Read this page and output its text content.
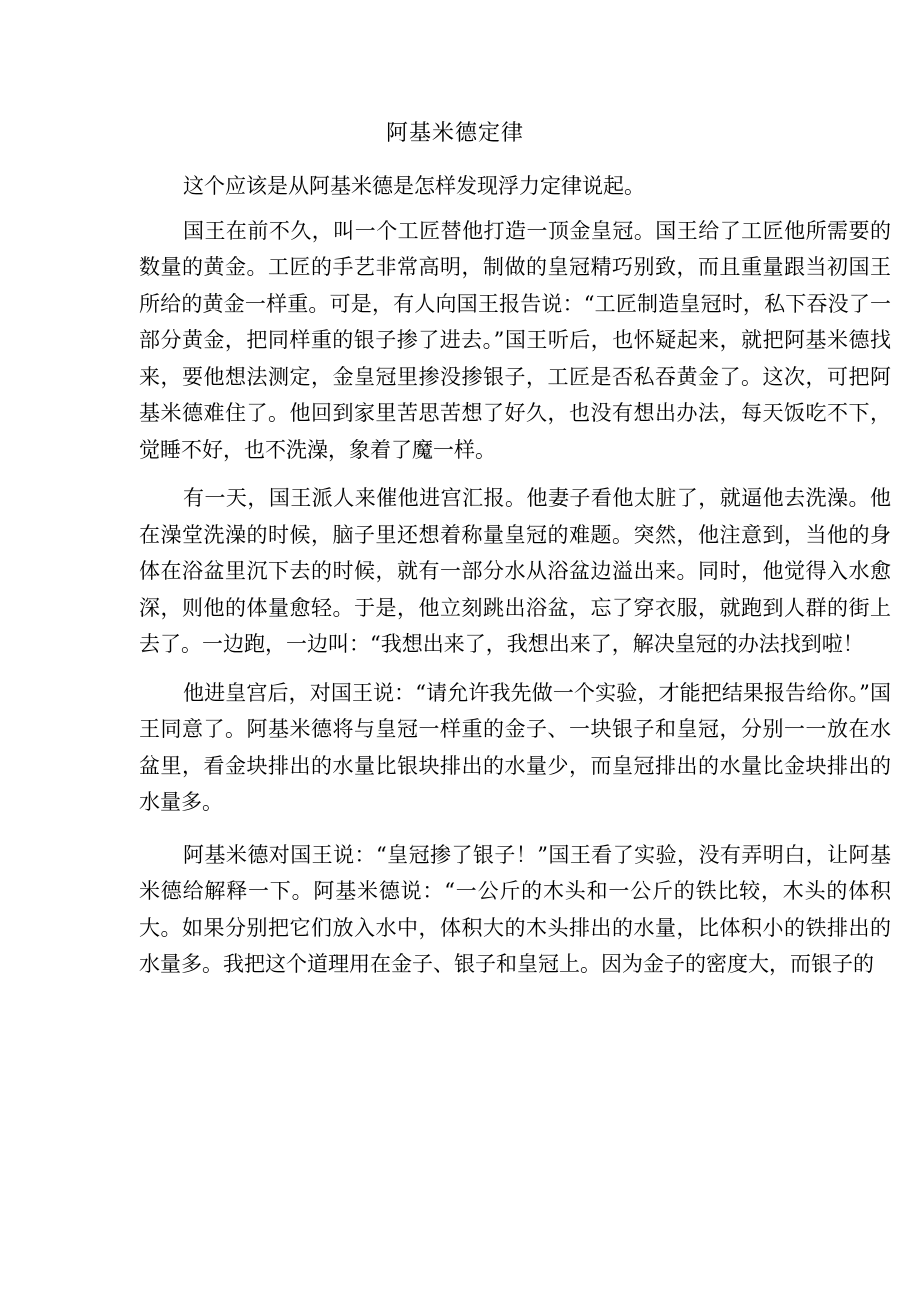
阿基米德定律

这个应该是从阿基米德是怎样发现浮力定律说起。

国王在前不久，叫一个工匠替他打造一顶金皇冠。国王给了工匠他所需要的数量的黄金。工匠的手艺非常高明，制做的皇冠精巧别致，而且重量跟当初国王所给的黄金一样重。可是，有人向国王报告说：“工匠制造皇冠时，私下吞没了一部分黄金，把同样重的银子掺了进去。”国王听后，也怀疑起来，就把阿基米德找来，要他想法测定，金皇冠里掺没掺银子，工匠是否私吞黄金了。这次，可把阿基米德难住了。他回到家里苦思苦想了好久，也没有想出办法，每天饭吃不下，觉睡不好，也不洗澡，象着了魔一样。

有一天，国王派人来催他进宫汇报。他妻子看他太脏了，就逼他去洗澡。他在澡堂洗澡的时候，脑子里还想着称量皇冠的难题。突然，他注意到，当他的身体在浴盆里沉下去的时候，就有一部分水从浴盆边溢出来。同时，他觉得入水愈深，则他的体量愈轻。于是，他立刻跳出浴盆，忘了穿衣服，就跑到人群的街上去了。一边跑，一边叫：“我想出来了，我想出来了，解决皇冠的办法找到啦！

他进皇宫后，对国王说：“请允许我先做一个实验，才能把结果报告给你。”国王同意了。阿基米德将与皇冠一样重的金子、一块银子和皇冠，分别一一放在水盆里，看金块排出的水量比银块排出的水量少，而皇冠排出的水量比金块排出的水量多。

阿基米德对国王说：“皇冠掺了银子！”国王看了实验，没有弄明白，让阿基米德给解释一下。阿基米德说：“一公斤的木头和一公斤的铁比较，木头的体积大。如果分别把它们放入水中，体积大的木头排出的水量，比体积小的铁排出的水量多。我把这个道理用在金子、银子和皇冠上。因为金子的密度大，而银子的
